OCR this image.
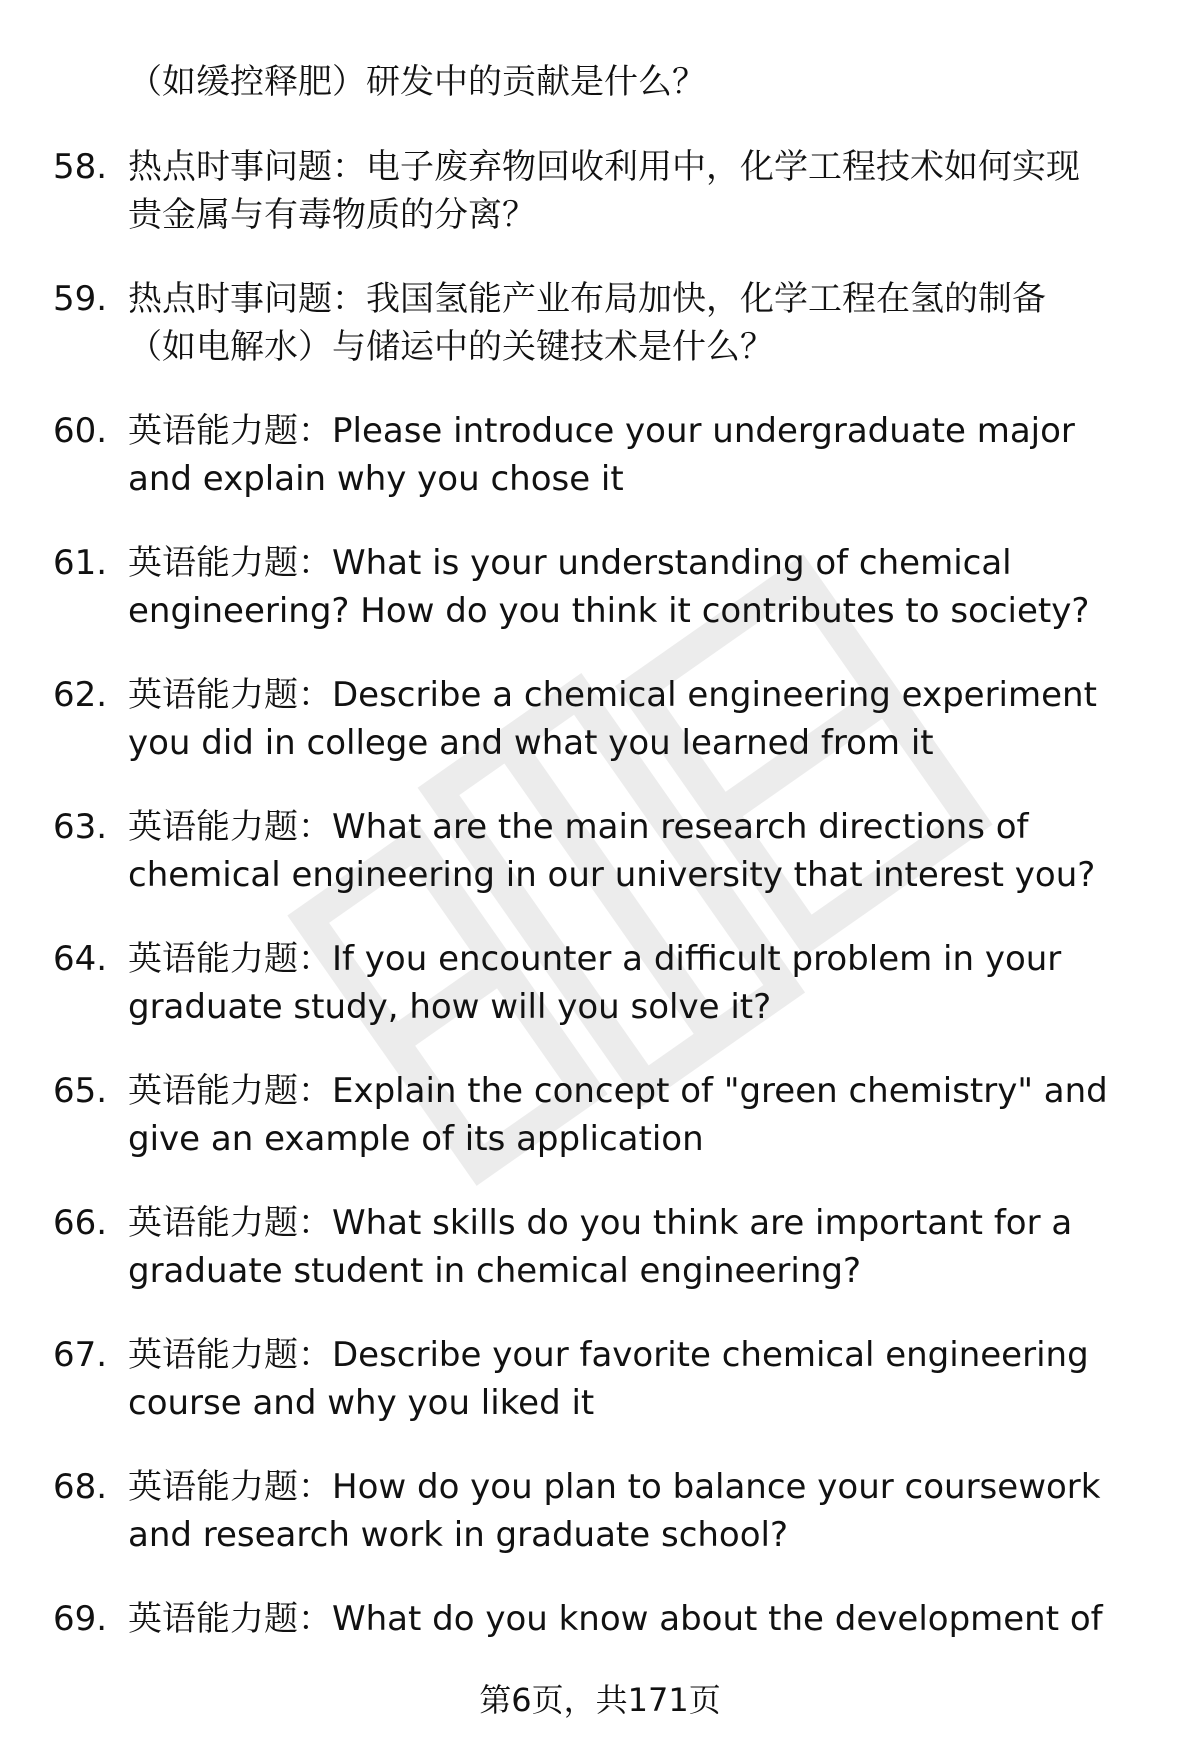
（如缓控释肥）研发中的贡献是什么？
58. 热点时事问题：电子废弃物回收利用中，化学工程技术如何实现
贵金属与有毒物质的分离？
59. 热点时事问题：我国氢能产业布局加快，化学工程在氢的制备
（如电解水）与储运中的关键技术是什么？
60. 英语能力题：Please introduce your undergraduate major
and explain why you chose it
61. 英语能力题：What is your understanding of chemical
engineering? How do you think it contributes to society?
62. 英语能力题：Describe a chemical engineering experiment
you did in college and what you learned from it
63. 英语能力题：What are the main research directions of
chemical engineering in our university that interest you?
64. 英语能力题：If you encounter a difficult problem in your
graduate study, how will you solve it?
65. 英语能力题：Explain the concept of "green chemistry" and
give an example of its application
66. 英语能力题：What skills do you think are important for a
graduate student in chemical engineering?
67. 英语能力题：Describe your favorite chemical engineering
course and why you liked it
68. 英语能力题：How do you plan to balance your coursework
and research work in graduate school?
69. 英语能力题：What do you know about the development of
第6页，共171页
